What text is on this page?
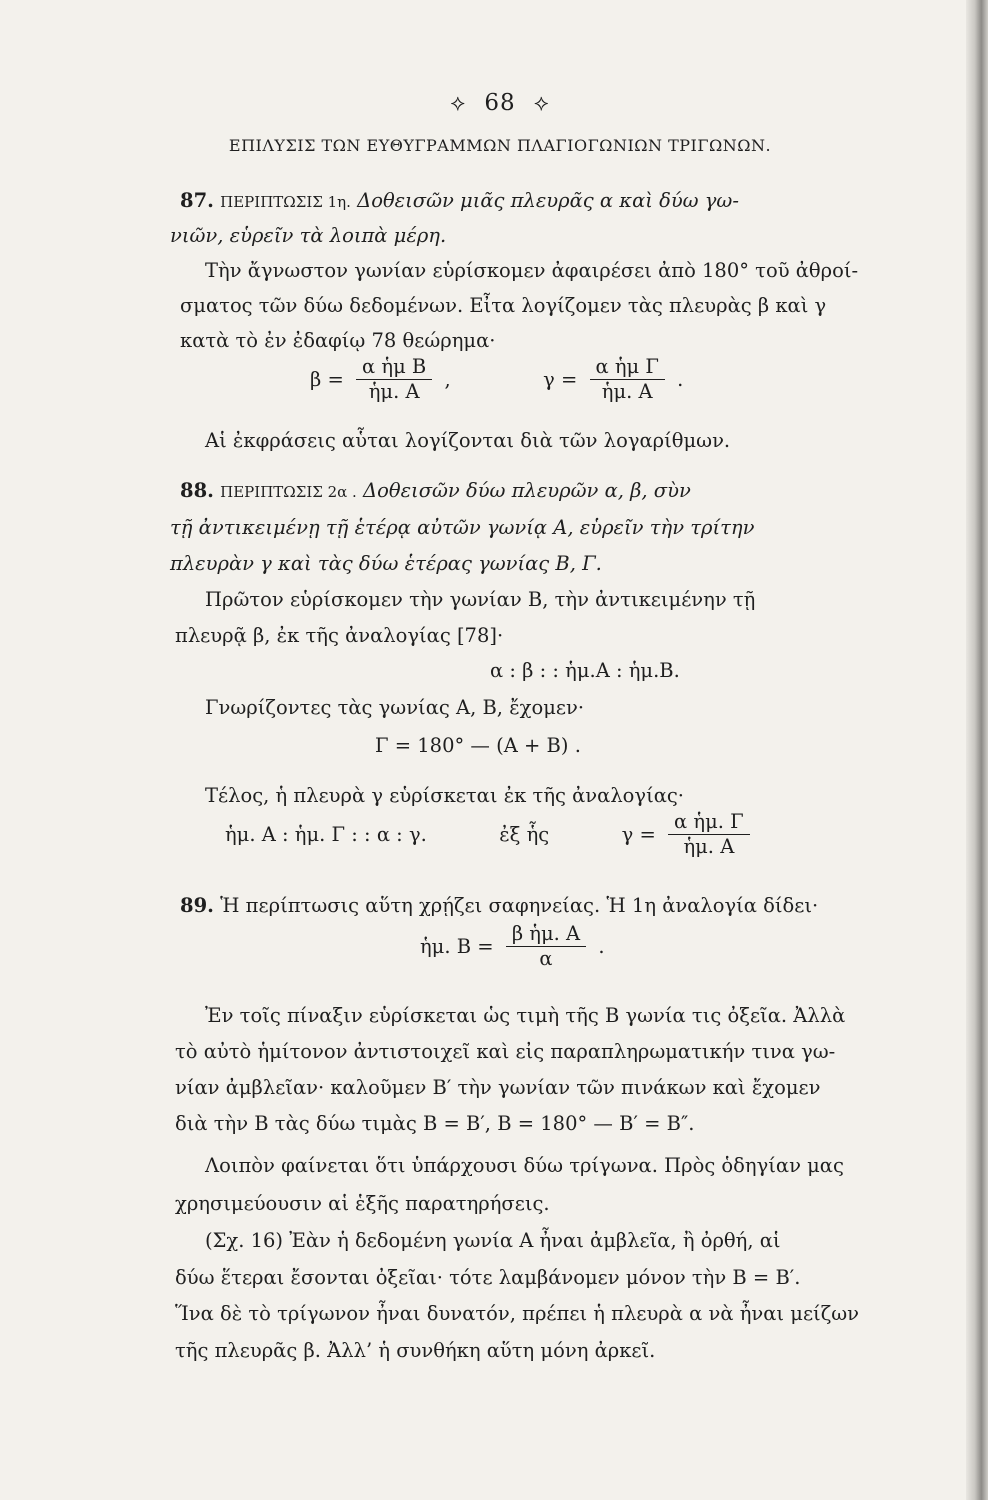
⟡ 68 ⟡
ΕΠΙΛΥΣΙΣ ΤΩΝ ΕΥΘΥΓΡΑΜΜΩΝ ΠΛΑΓΙΟΓΩΝΙΩΝ ΤΡΙΓΩΝΩΝ.
87. ΠΕΡΙΠΤΩΣΙΣ 1η. Δοθεισῶν μιᾶς πλευρᾶς α καὶ δύω γω-
νιῶν, εὑρεῖν τὰ λοιπὰ μέρη.
Τὴν ἄγνωστον γωνίαν εὑρίσκομεν ἀφαιρέσει ἀπὸ 180° τοῦ ἀθροί-
σματος τῶν δύω δεδομένων. Εἶτα λογίζομεν τὰς πλευρὰς β καὶ γ
κατὰ τὸ ἐν ἐδαφίῳ 78 θεώρημα·
$\beta = \frac{\text{α ἡμ Β}}{\text{ἡμ. Α}}$ ,	$\gamma = \frac{\text{α ἡμ Γ}}{\text{ἡμ. Α}}$ .
Αἱ ἐκφράσεις αὗται λογίζονται διὰ τῶν λογαρίθμων.
88. ΠΕΡΙΠΤΩΣΙΣ 2α . Δοθεισῶν δύω πλευρῶν α, β, σὺν
τῇ ἀντικειμένῃ τῇ ἑτέρᾳ αὐτῶν γωνίᾳ Α, εὑρεῖν τὴν τρίτην
πλευρὰν γ καὶ τὰς δύω ἑτέρας γωνίας Β, Γ.
Πρῶτον εὑρίσκομεν τὴν γωνίαν Β, τὴν ἀντικειμένην τῇ
πλευρᾷ β, ἐκ τῆς ἀναλογίας [78]·
α : β : : ἡμ.Α : ἡμ.Β.
Γνωρίζοντες τὰς γωνίας Α, Β, ἔχομεν·
Γ = 180° — (Α + Β) .
Τέλος, ἡ πλευρὰ γ εὑρίσκεται ἐκ τῆς ἀναλογίας·
ἡμ. Α : ἡμ. Γ : : α : γ.	ἐξ ἧς	$\gamma = \frac{\text{α ἡμ. Γ}}{\text{ἡμ. Α}}$
89. Ἡ περίπτωσις αὕτη χρῄζει σαφηνείας. Ἡ 1η ἀναλογία δίδει·
ἡμ. $B = \frac{\text{β ἡμ. Α}}{\alpha}$ .
Ἐν τοῖς πίναξιν εὑρίσκεται ὡς τιμὴ τῆς Β γωνία τις ὀξεῖα. Ἀλλὰ
τὸ αὐτὸ ἡμίτονον ἀντιστοιχεῖ καὶ εἰς παραπληρωματικήν τινα γω-
νίαν ἀμβλεῖαν· καλοῦμεν Β′ τὴν γωνίαν τῶν πινάκων καὶ ἔχομεν
διὰ τὴν Β τὰς δύω τιμὰς Β = Β′, Β = 180° — Β′ = Β″.
Λοιπὸν φαίνεται ὅτι ὑπάρχουσι δύω τρίγωνα. Πρὸς ὁδηγίαν μας
χρησιμεύουσιν αἱ ἑξῆς παρατηρήσεις.
(Σχ. 16) Ἐὰν ἡ δεδομένη γωνία Α ἦναι ἀμβλεῖα, ἢ ὀρθή, αἱ
δύω ἕτεραι ἔσονται ὀξεῖαι· τότε λαμβάνομεν μόνον τὴν Β = Β′.
Ἵνα δὲ τὸ τρίγωνον ἦναι δυνατόν, πρέπει ἡ πλευρὰ α νὰ ἦναι μείζων
τῆς πλευρᾶς β. Ἀλλ’ ἡ συνθήκη αὕτη μόνη ἀρκεῖ.
